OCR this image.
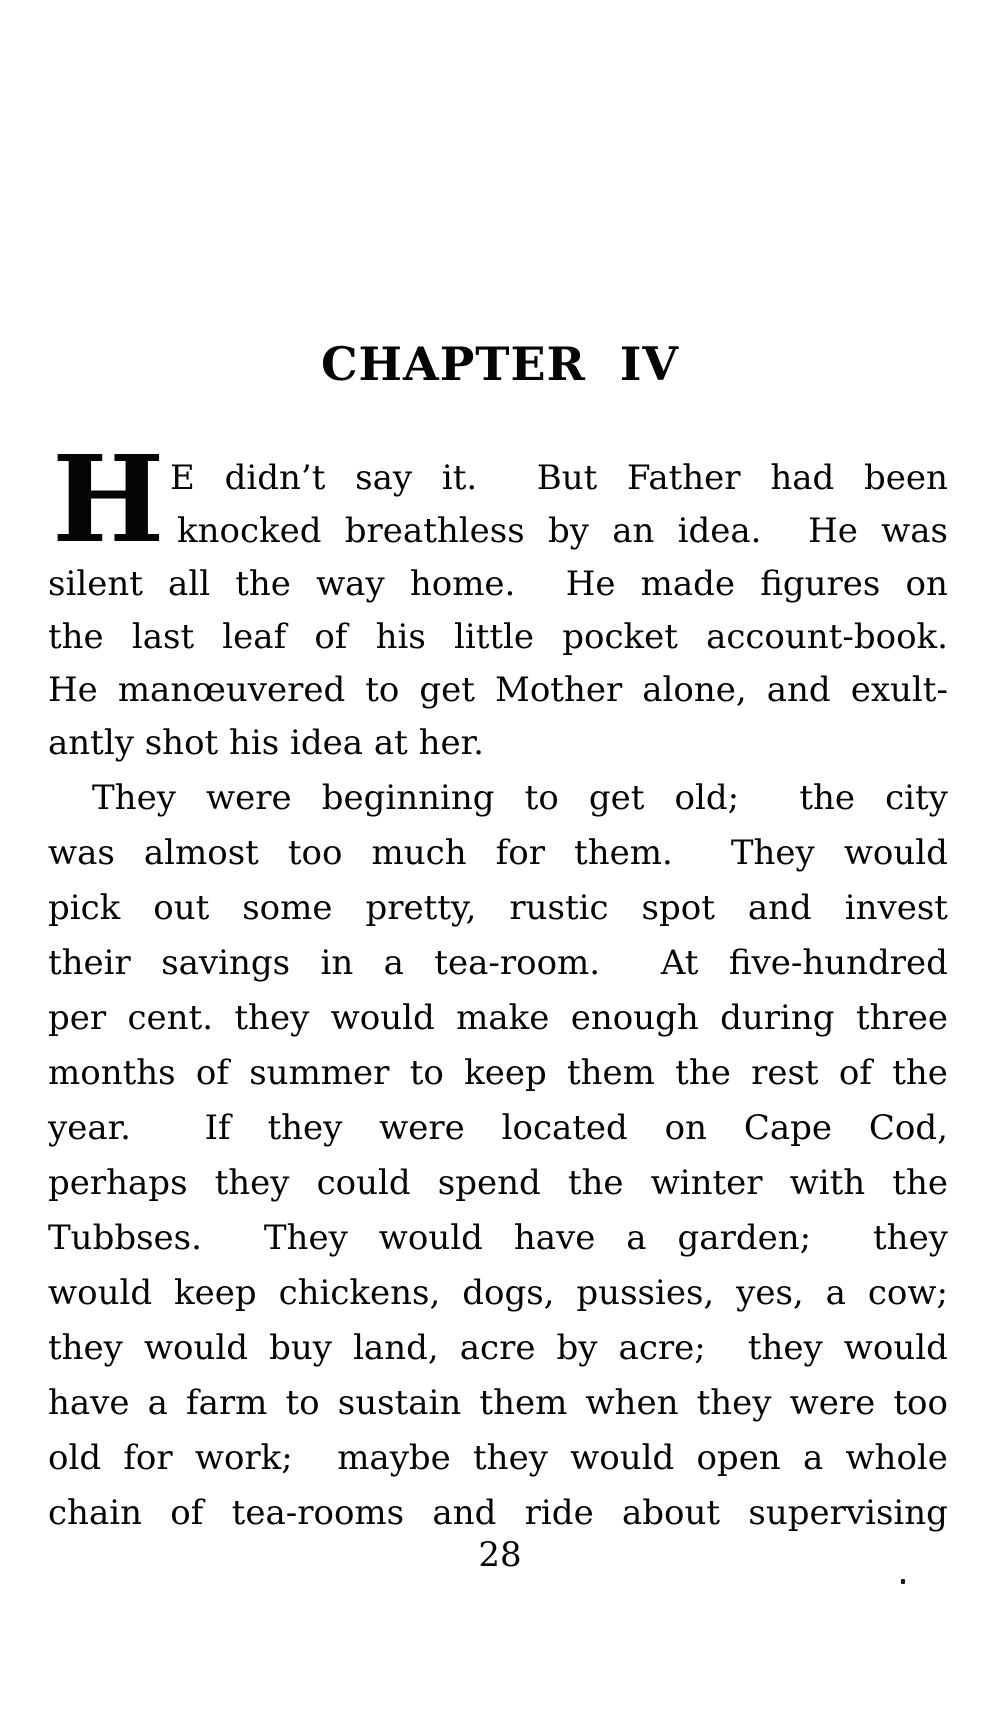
CHAPTER  IV
H E didn’t say it. But Father had been
knocked breathless by an idea. He was
silent all the way home. He made figures on
the last leaf of his little pocket account-book.
He manœuvered to get Mother alone, and exult-
antly shot his idea at her.
They were beginning to get old; the city
was almost too much for them. They would
pick out some pretty, rustic spot and invest
their savings in a tea-room. At five-hundred
per cent. they would make enough during three
months of summer to keep them the rest of the
year. If they were located on Cape Cod,
perhaps they could spend the winter with the
Tubbses. They would have a garden; they
would keep chickens, dogs, pussies, yes, a cow;
they would buy land, acre by acre; they would
have a farm to sustain them when they were too
old for work; maybe they would open a whole
chain of tea-rooms and ride about supervising
28
